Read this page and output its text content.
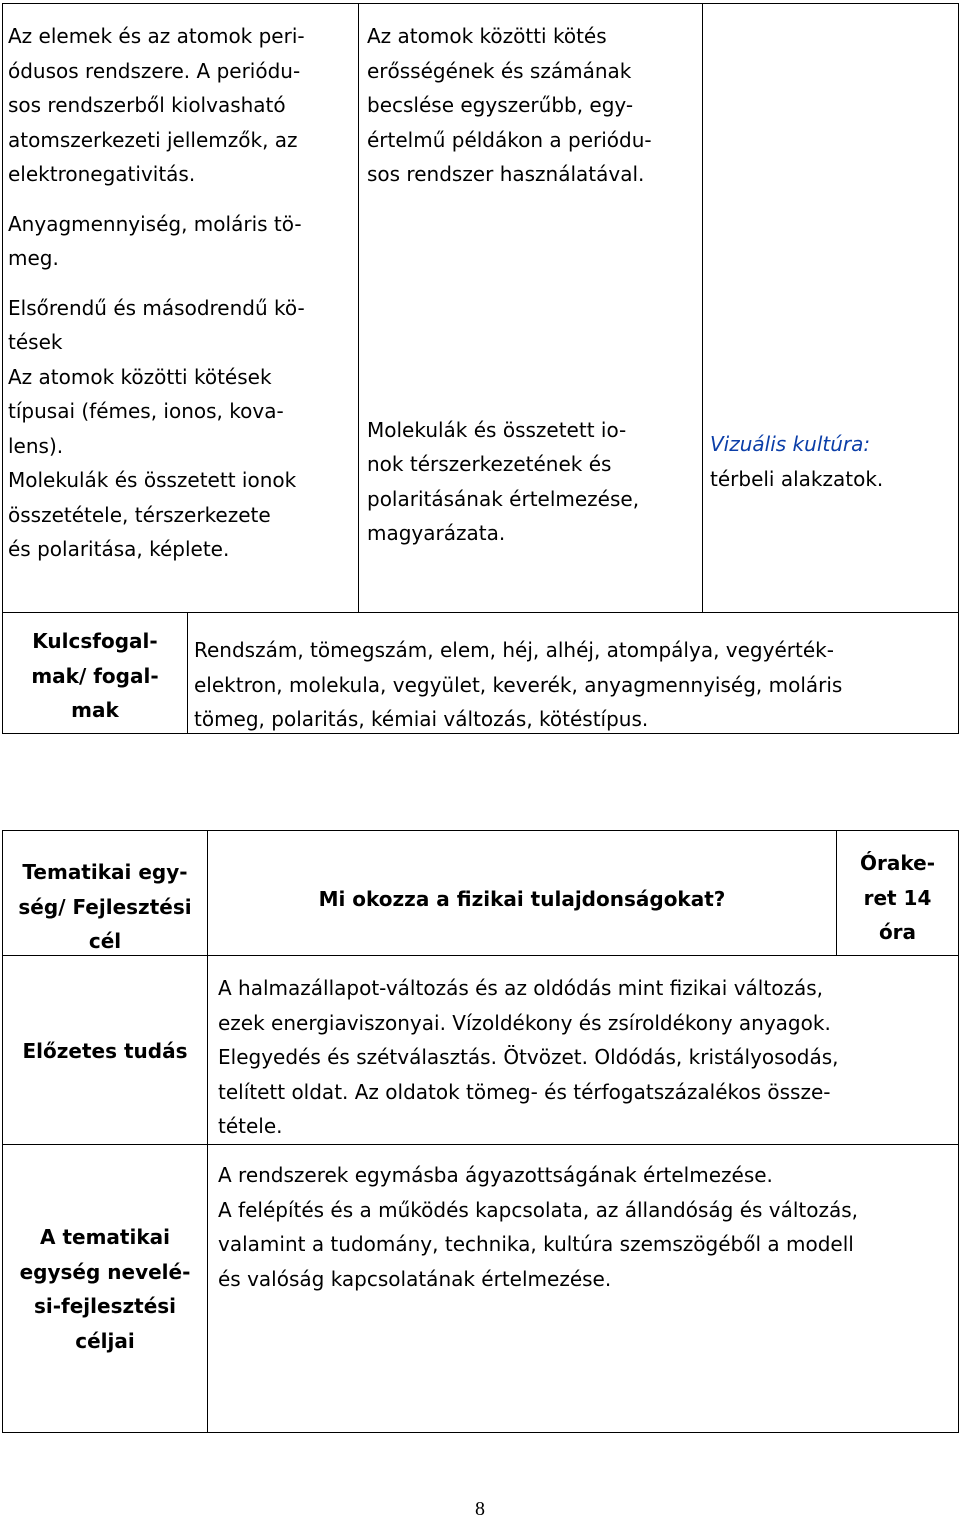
Az elemek és az atomok peri-
ódusos rendszere. A periódu-
sos rendszerből kiolvasható
atomszerkezeti jellemzők, az
elektronegativitás.

Anyagmennyiség, moláris tö-
meg.

Elsőrendű és másodrendű kö-
tések
Az atomok közötti kötések
típusai (fémes, ionos, kova-
lens).
Molekulák és összetett ionok
összetétele, térszerkezete
és polaritása, képlete.

Az atomok közötti kötés
erősségének és számának
becslése egyszerűbb, egy-
értelmű példákon a periódu-
sos rendszer használatával.

Molekulák és összetett io-
nok térszerkezetének és
polaritásának értelmezése,
magyarázata.

Vizuális kultúra:

térbeli alakzatok.

Kulcsfogal-
mak/ fogal-
mak
Rendszám, tömegszám, elem, héj, alhéj, atompálya, vegyérték-
elektron, molekula, vegyület, keverék, anyagmennyiség, moláris
tömeg, polaritás, kémiai változás, kötéstípus.
Tematikai egy-
ség/ Fejlesztési
cél
Mi okozza a fizikai tulajdonságokat?
Órake-
ret 14
óra
Előzetes tudás
A halmazállapot-változás és az oldódás mint fizikai változás,
ezek energiaviszonyai. Vízoldékony és zsíroldékony anyagok.
Elegyedés és szétválasztás. Ötvözet. Oldódás, kristályosodás,
telített oldat. Az oldatok tömeg- és térfogatszázalékos össze-
tétele.
A tematikai
egység nevelé-
si-fejlesztési
céljai
A rendszerek egymásba ágyazottságának értelmezése.
A felépítés és a működés kapcsolata, az állandóság és változás,
valamint a tudomány, technika, kultúra szemszögéből a modell
és valóság kapcsolatának értelmezése.
8
